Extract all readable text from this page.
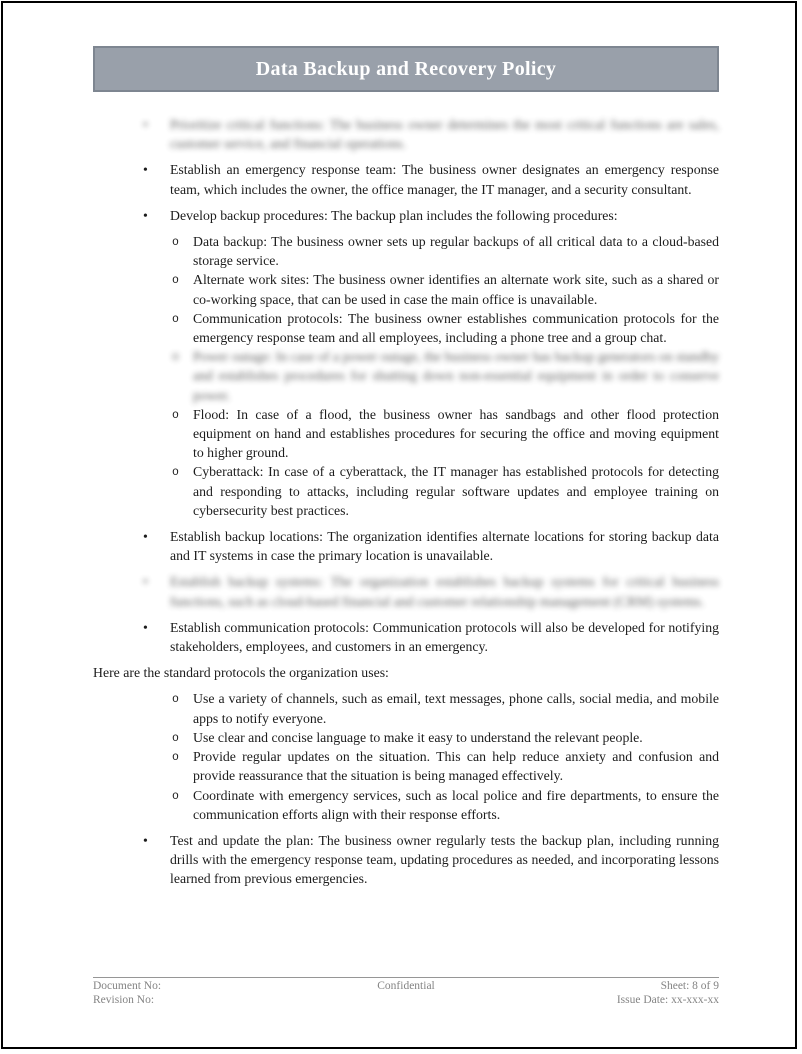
Data Backup and Recovery Policy
• Prioritize critical functions: The business owner determines the most critical functions are sales, customer service, and financial operations.
• Establish an emergency response team: The business owner designates an emergency response team, which includes the owner, the office manager, the IT manager, and a security consultant.
• Develop backup procedures: The backup plan includes the following procedures:
o Data backup: The business owner sets up regular backups of all critical data to a cloud-based storage service.
o Alternate work sites: The business owner identifies an alternate work site, such as a shared or co-working space, that can be used in case the main office is unavailable.
o Communication protocols: The business owner establishes communication protocols for the emergency response team and all employees, including a phone tree and a group chat.
o Power outage: In case of a power outage, the business owner has backup generators on standby and establishes procedures for shutting down non-essential equipment in order to conserve power.
o Flood: In case of a flood, the business owner has sandbags and other flood protection equipment on hand and establishes procedures for securing the office and moving equipment to higher ground.
o Cyberattack: In case of a cyberattack, the IT manager has established protocols for detecting and responding to attacks, including regular software updates and employee training on cybersecurity best practices.
• Establish backup locations: The organization identifies alternate locations for storing backup data and IT systems in case the primary location is unavailable.
• Establish backup systems: The organization establishes backup systems for critical business functions, such as cloud-based financial and customer relationship management (CRM) systems.
• Establish communication protocols: Communication protocols will also be developed for notifying stakeholders, employees, and customers in an emergency.
Here are the standard protocols the organization uses:
o Use a variety of channels, such as email, text messages, phone calls, social media, and mobile apps to notify everyone.
o Use clear and concise language to make it easy to understand the relevant people.
o Provide regular updates on the situation. This can help reduce anxiety and confusion and provide reassurance that the situation is being managed effectively.
o Coordinate with emergency services, such as local police and fire departments, to ensure the communication efforts align with their response efforts.
• Test and update the plan: The business owner regularly tests the backup plan, including running drills with the emergency response team, updating procedures as needed, and incorporating lessons learned from previous emergencies.
Document No:
Revision No:
Confidential	Sheet: 8 of 9
Issue Date: xx-xxx-xx
